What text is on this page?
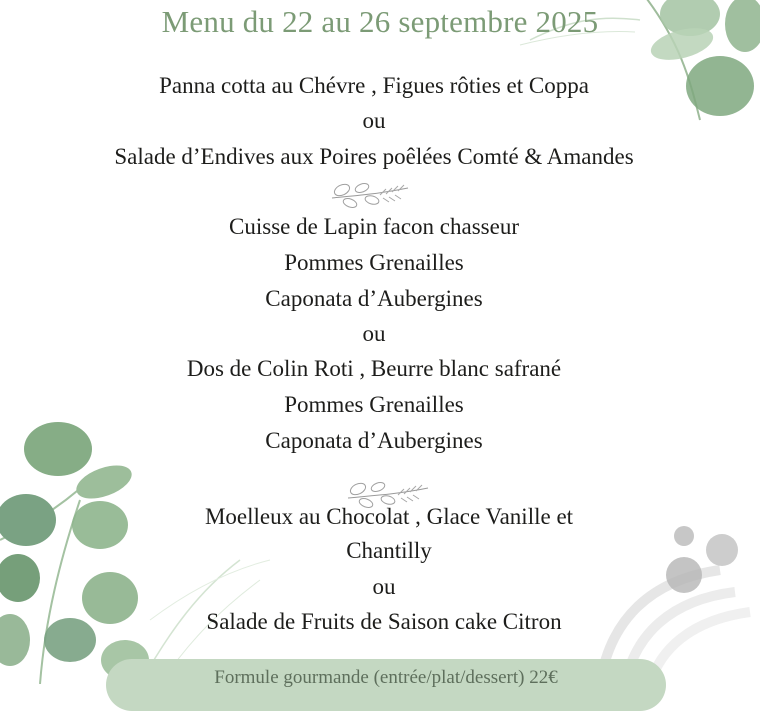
Menu du 22 au 26 septembre 2025
Panna cotta au Chévre , Figues rôties et Coppa
ou
Salade d’Endives aux Poires poêlées Comté & Amandes
Cuisse de Lapin facon chasseur
Pommes Grenailles
Caponata d’Aubergines
ou
Dos de Colin Roti , Beurre blanc safrané
Pommes Grenailles
Caponata d’Aubergines
Moelleux au Chocolat , Glace Vanille et
Chantilly
ou
Salade de Fruits de Saison cake Citron
Formule gourmande (entrée/plat/dessert) 22€
